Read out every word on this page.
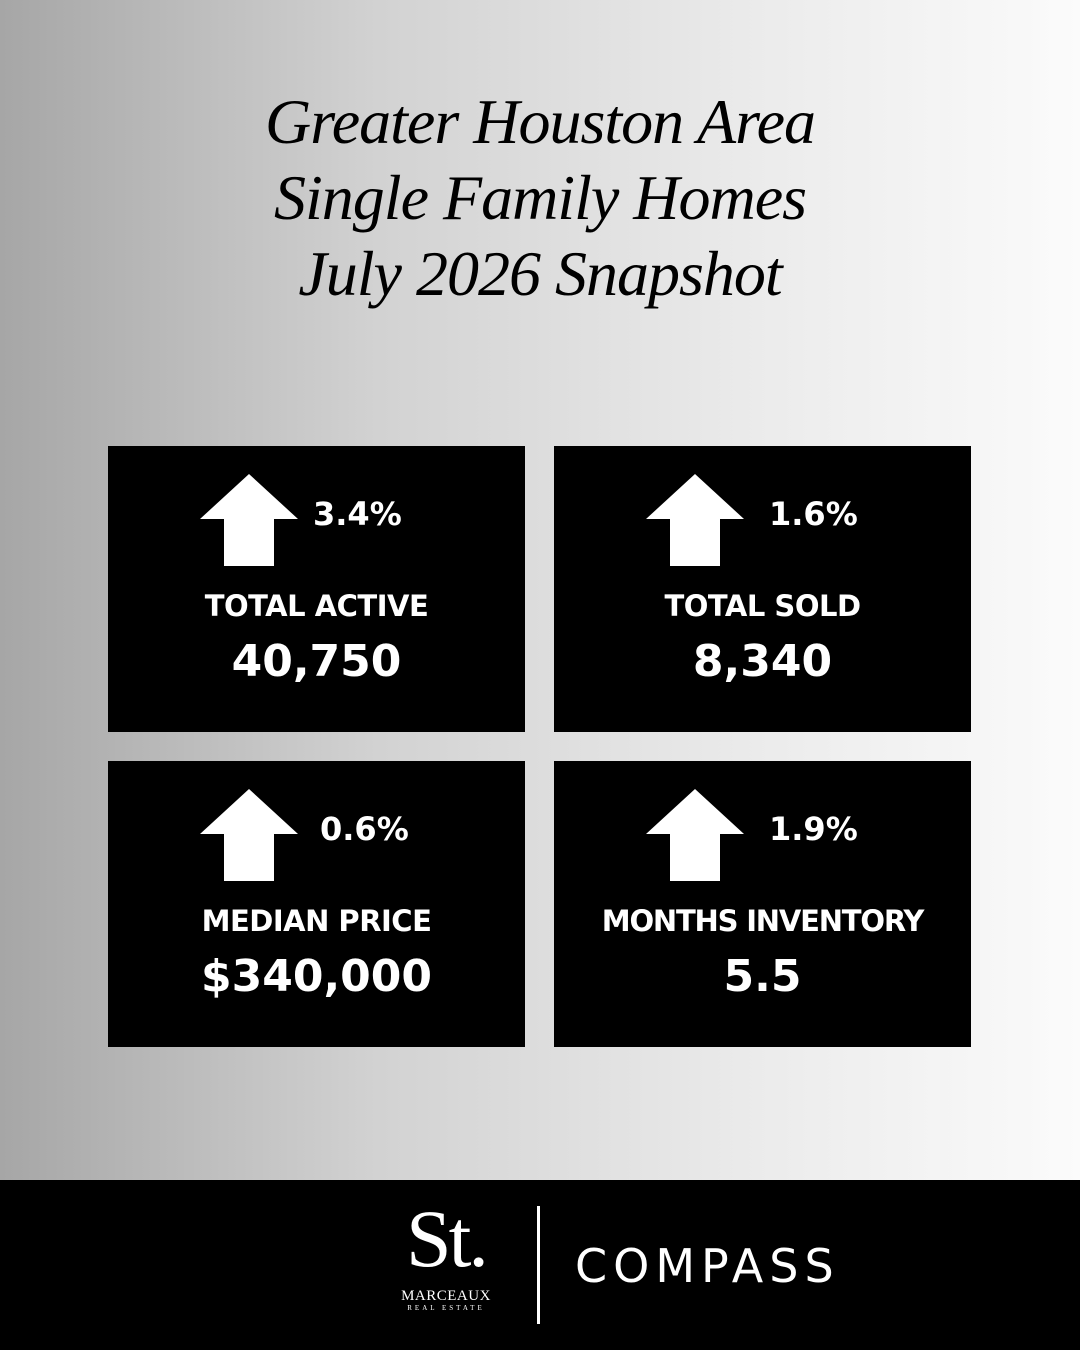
Greater Houston Area
Single Family Homes
July 2026 Snapshot
3.4%
TOTAL ACTIVE
40,750
1.6%
TOTAL SOLD
8,340
0.6%
MEDIAN PRICE
$340,000
1.9%
MONTHS INVENTORY
5.5
St.
MARCEAUX
REAL ESTATE
COMPASS
